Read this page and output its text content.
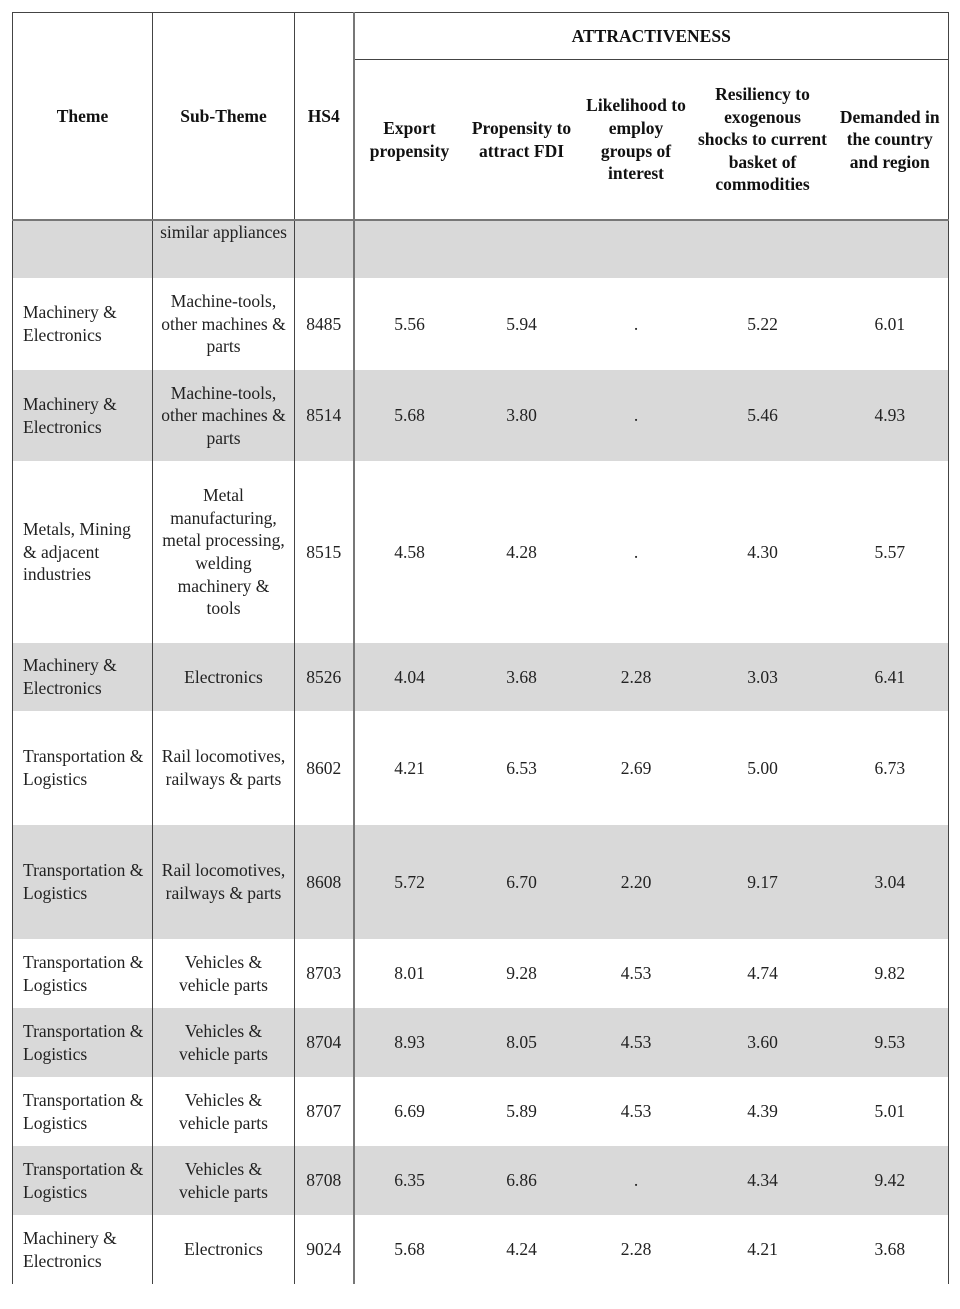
Theme	Sub-Theme	HS4	ATTRACTIVENESS				
			Export propensity	Propensity to attract FDI	Likelihood to employ groups of interest	Resiliency to exogenous shocks to current basket of commodities	Demanded in the country and region
	similar appliances						
Machinery & Electronics	Machine-tools, other machines & parts	8485	5.56	5.94	.	5.22	6.01
Machinery & Electronics	Machine-tools, other machines & parts	8514	5.68	3.80	.	5.46	4.93
Metals, Mining & adjacent industries	Metal manufacturing, metal processing, welding machinery & tools	8515	4.58	4.28	.	4.30	5.57
Machinery & Electronics	Electronics	8526	4.04	3.68	2.28	3.03	6.41
Transportation & Logistics	Rail locomotives, railways & parts	8602	4.21	6.53	2.69	5.00	6.73
Transportation & Logistics	Rail locomotives, railways & parts	8608	5.72	6.70	2.20	9.17	3.04
Transportation & Logistics	Vehicles & vehicle parts	8703	8.01	9.28	4.53	4.74	9.82
Transportation & Logistics	Vehicles & vehicle parts	8704	8.93	8.05	4.53	3.60	9.53
Transportation & Logistics	Vehicles & vehicle parts	8707	6.69	5.89	4.53	4.39	5.01
Transportation & Logistics	Vehicles & vehicle parts	8708	6.35	6.86	.	4.34	9.42
Machinery & Electronics	Electronics	9024	5.68	4.24	2.28	4.21	3.68
